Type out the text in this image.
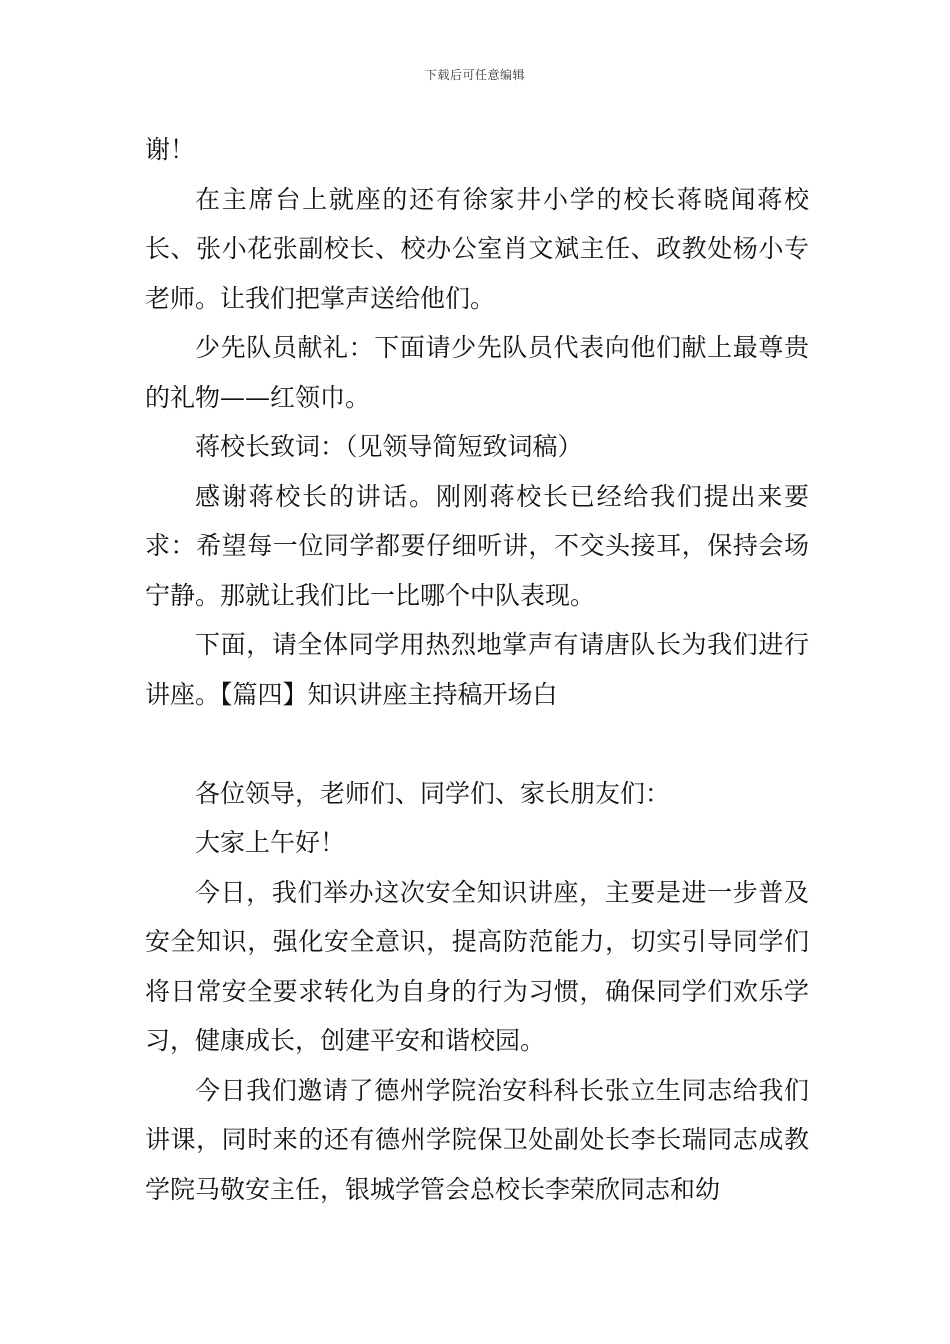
下载后可任意编辑

谢！

在主席台上就座的还有徐家井小学的校长蒋晓闻蒋校长、张小花张副校长、校办公室肖文斌主任、政教处杨小专老师。让我们把掌声送给他们。

少先队员献礼：下面请少先队员代表向他们献上最尊贵的礼物——红领巾。

蒋校长致词：（见领导简短致词稿）

感谢蒋校长的讲话。刚刚蒋校长已经给我们提出来要求：希望每一位同学都要仔细听讲，不交头接耳，保持会场宁静。那就让我们比一比哪个中队表现。

下面，请全体同学用热烈地掌声有请唐队长为我们进行讲座。【篇四】知识讲座主持稿开场白

各位领导，老师们、同学们、家长朋友们：

大家上午好！

今日，我们举办这次安全知识讲座，主要是进一步普及安全知识，强化安全意识，提高防范能力，切实引导同学们将日常安全要求转化为自身的行为习惯，确保同学们欢乐学习，健康成长，创建平安和谐校园。

今日我们邀请了德州学院治安科科长张立生同志给我们讲课，同时来的还有德州学院保卫处副处长李长瑞同志成教学院马敬安主任，银城学管会总校长李荣欣同志和幼
